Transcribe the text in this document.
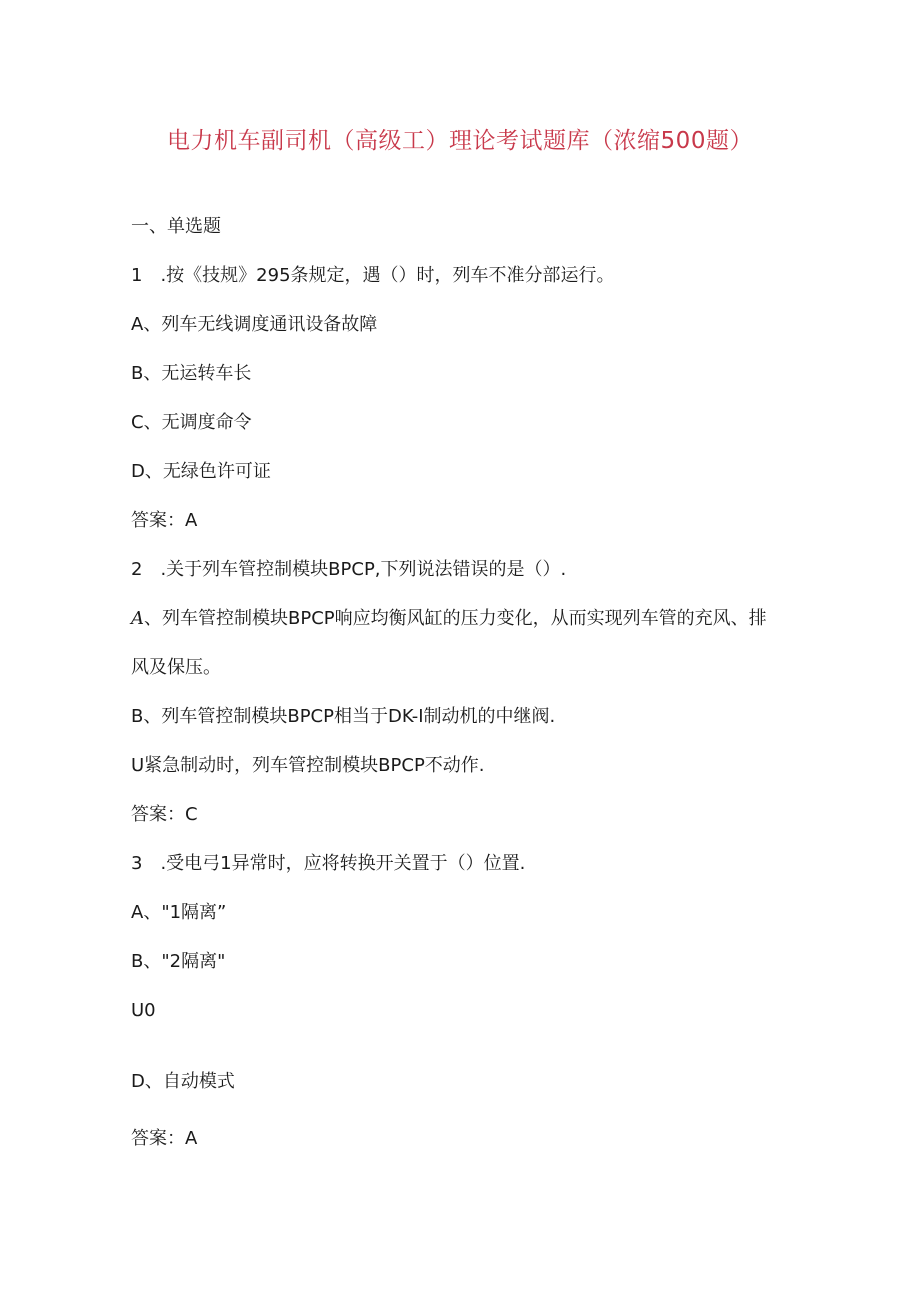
电力机车副司机（高级工）理论考试题库（浓缩500题）
一、单选题
1　.按《技规》295条规定，遇（）时，列车不准分部运行。
A、列车无线调度通讯设备故障
B、无运转车长
C、无调度命令
D、无绿色许可证
答案：A
2　.关于列车管控制模块BPCP,下列说法错误的是（）.
A、列车管控制模块BPCP响应均衡风缸的压力变化，从而实现列车管的充风、排
风及保压。
B、列车管控制模块BPCP相当于DK-I制动机的中继阀.
U紧急制动时，列车管控制模块BPCP不动作.
答案：C
3　.受电弓1异常时，应将转换开关置于（）位置.
A、"1隔离”
B、"2隔离"
U0
D、自动模式
答案：A
